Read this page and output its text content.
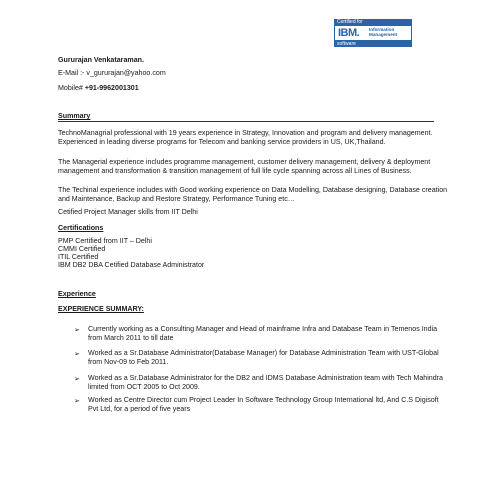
Certified for
IBM. Information
Management
software
Gururajan Venkataraman.
E-Mail :- v_gururajan@yahoo.com
Mobile# +91-9962001301
Summary
TechnoManagrial professional with 19 years experience in Strategy, Innovation and program and delivery management. Experienced in leading diverse programs for Telecom and banking service providers in US, UK,Thailand.
The Managerial experience includes programme management, customer delivery management, delivery & deployment management and transformation & transition management of full life cycle spanning across all Lines of Business.
The Techinal experience includes with Good working experience on Data Modelling, Database designing, Database creation and Maintenance, Backup and Restore Strategy, Performance Tuning etc…
Cetified Project Manager skills from IIT Delhi
Certifications
PMP Certified from IIT – Delhi
CMMI Certified
ITIL Certified
IBM DB2 DBA Cetified Database Administrator
Experience
EXPERIENCE SUMMARY:
➢ Currently working as a Consulting Manager and Head of mainframe Infra and Database Team in Temenos India from March 2011 to till date
➢ Worked as a Sr.Database Administrator(Database Manager) for Database Administration Team with UST-Global from Nov-09 to Feb 2011.
➢ Worked as a Sr.Database Administrator for the DB2 and IDMS Database Administration team with Tech Mahindra limited from OCT 2005 to Oct 2009.
➢ Worked as Centre Director cum Project Leader In Software Technology Group International ltd, And C.S Digisoft Pvt Ltd, for a period of five years
